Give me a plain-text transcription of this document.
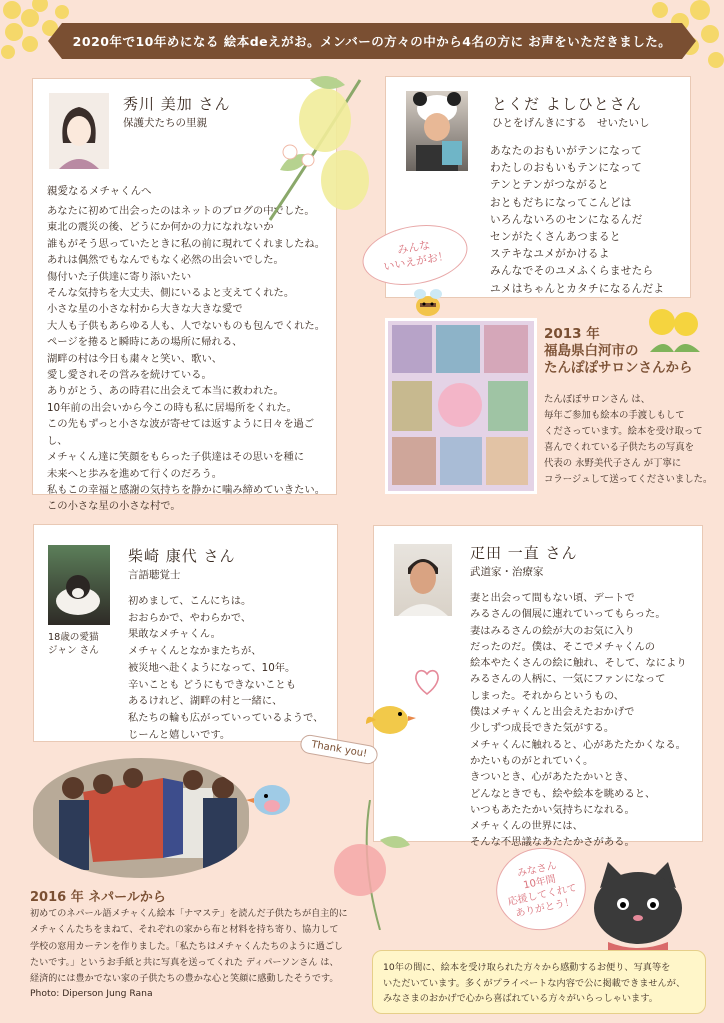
2020年で10年めになる 絵本deえがお。メンバーの方々の中から4名の方に お声をいただきました。
秀川 美加 さん
保護犬たちの里親
親愛なるメチャくんへ
あなたに初めて出会ったのはネットのブログの中でした。
東北の震災の後、どうにか何かの力になれないか
誰もがそう思っていたときに私の前に現れてくれましたね。
あれは偶然でもなんでもなく必然の出会いでした。
傷付いた子供達に寄り添いたい
そんな気持ちを大丈夫、側にいるよと支えてくれた。
小さな星の小さな村から大きな大きな愛で
大人も子供もあらゆる人も、人でないものも包んでくれた。
ページを捲ると瞬時にあの場所に帰れる、
湖畔の村は今日も粛々と笑い、歌い、
愛し愛されその営みを続けている。
ありがとう、あの時君に出会えて本当に救われた。
10年前の出会いから今この時も私に居場所をくれた。
この先もずっと小さな波が寄せては返すように日々を過ごし、
メチャくん達に笑顔をもらった子供達はその思いを種に
未来へと歩みを進めて行くのだろう。
私もこの幸福と感謝の気持ちを静かに噛み締めていきたい。
この小さな星の小さな村で。
とくだ よしひとさん
ひとをげんきにする　せいたいし
あなたのおもいがテンになって
わたしのおもいもテンになって
テンとテンがつながると
おともだちになってこんどは
いろんないろのセンになるんだ
センがたくさんあつまると
ステキなユメがかけるよ
みんなでそのユメふくらませたら
ユメはちゃんとカタチになるんだよ
みんな
いいえがお！
2013 年
福島県白河市の
たんぽぽサロンさんから
たんぽぽサロンさん は、
毎年ご参加も絵本の手渡しもして
くださっています。絵本を受け取って
喜んでくれている子供たちの写真を
代表の 永野美代子さん が丁寧に
コラージュして送ってくださいました。
18歳の愛猫
ジャン さん
柴崎 康代 さん
言語聴覚士
初めまして、こんにちは。
おおらかで、やわらかで、
果敢なメチャくん。
メチャくんとなかまたちが、
被災地へ赴くようになって、10年。
辛いことも どうにもできないことも
あるけれど、湖畔の村と一緒に、
私たちの輪も広がっていっているようで、
じーんと嬉しいです。
疋田 一直 さん
武道家・治療家
妻と出会って間もない頃、デートで
みるさんの個展に連れていってもらった。
妻はみるさんの絵が大のお気に入り
だったのだ。僕は、そこでメチャくんの
絵本やたくさんの絵に触れ、そして、なにより
みるさんの人柄に、一気にファンになって
しまった。それからというもの、
僕はメチャくんと出会えたおかげで
少しずつ成長できた気がする。
メチャくんに触れると、心があたたかくなる。
かたいものがとれていく。
きついとき、心があたたかいとき、
どんなときでも、絵や絵本を眺めると、
いつもあたたかい気持ちになれる。
メチャくんの世界には、
そんな不思議なあたたかさがある。
Thank you!
2016 年 ネパールから
初めてのネパール語メチャくん絵本「ナマステ」を読んだ子供たちが自主的に
メチャくんたちをまねて、それぞれの家から布と材料を持ち寄り、協力して
学校の窓用カーテンを作りました。「私たちはメチャくんたちのように過ごし
たいです。」というお手紙と共に写真を送ってくれた ディパーソンさん は、
経済的には豊かでない家の子供たちの豊かな心と笑顔に感動したそうです。
Photo: Diperson Jung Rana
みなさん
10年間
応援してくれて
ありがとう！
10年の間に、絵本を受け取られた方々から感動するお便り、写真等を
いただいています。多くがプライベートな内容で公に掲載できませんが、
みなさまのおかげで心から喜ばれている方々がいらっしゃいます。
